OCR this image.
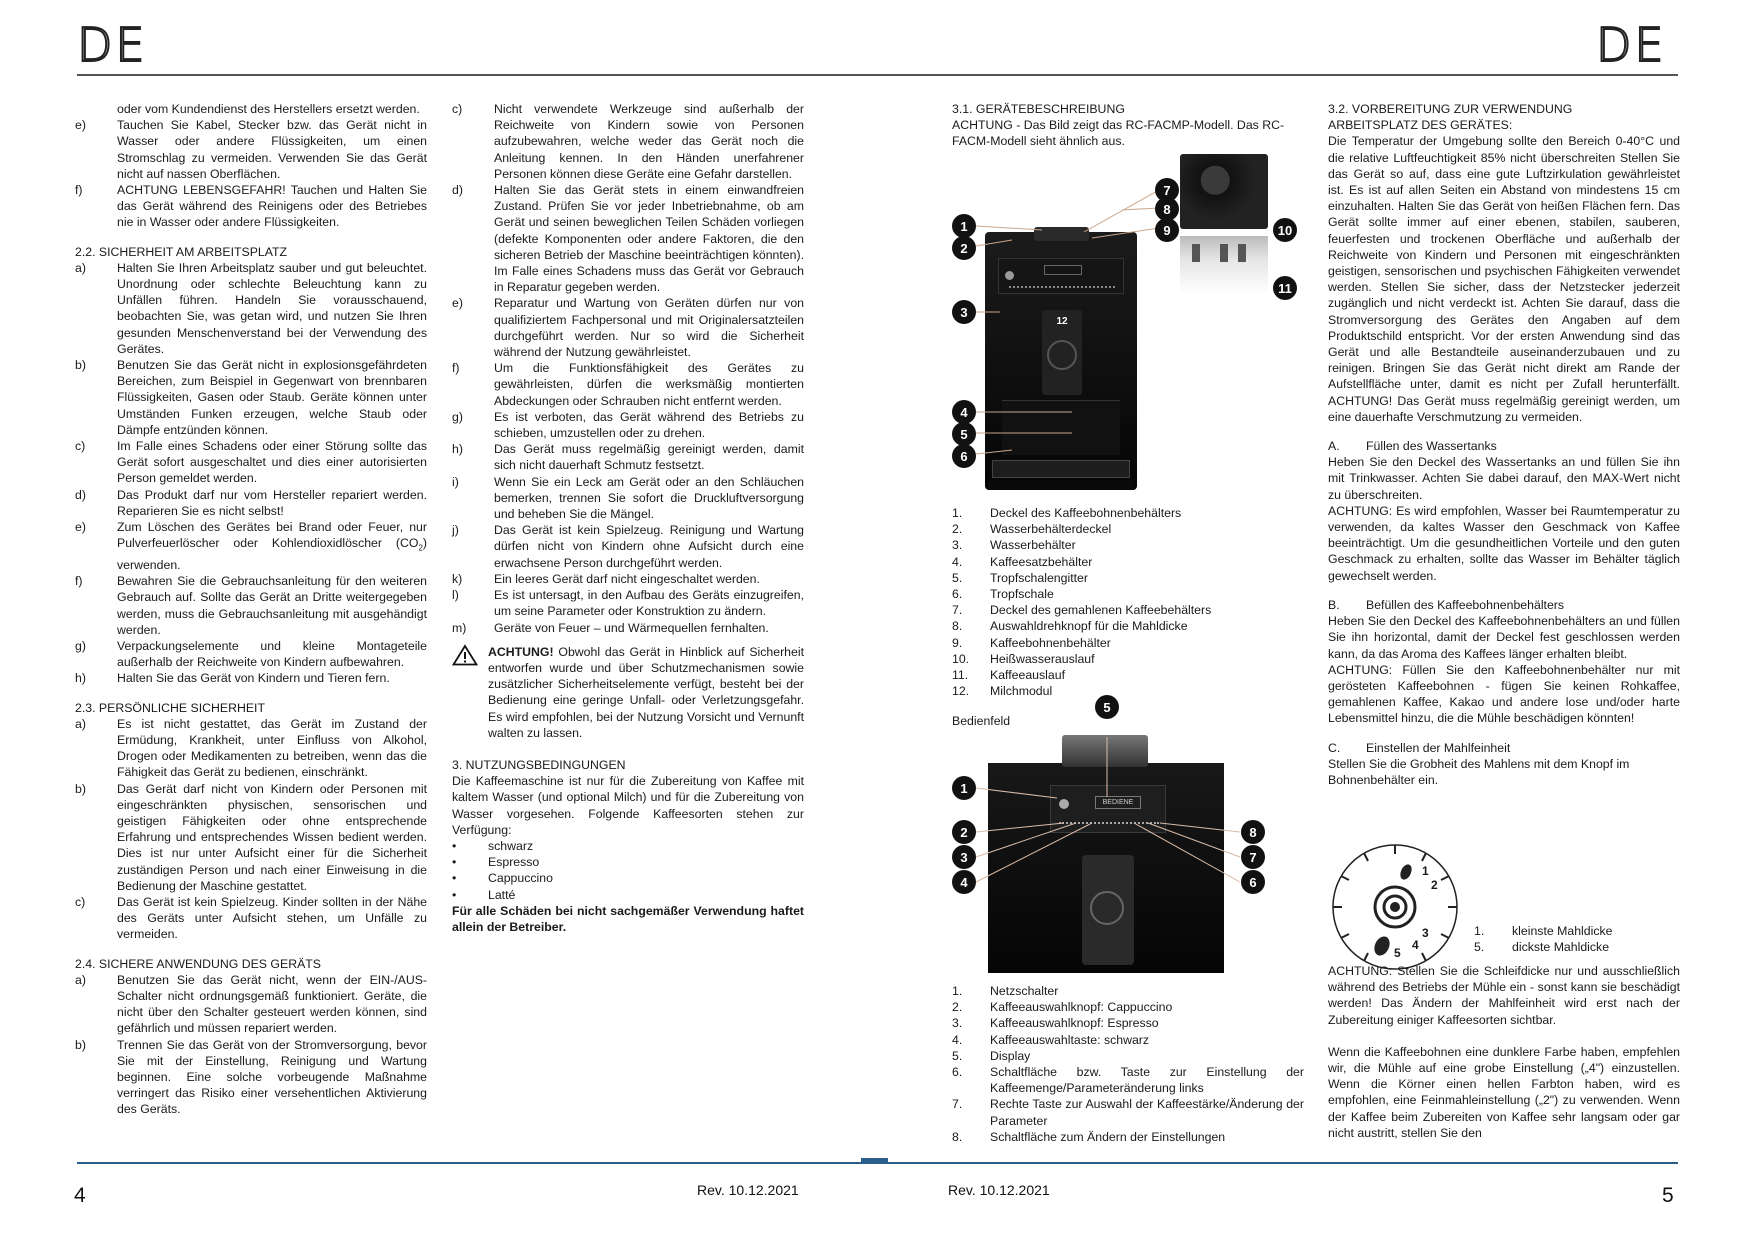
DE	DE
oder vom Kundendienst des Herstellers ersetzt werden.
e)	Tauchen Sie Kabel, Stecker bzw. das Gerät nicht in Wasser oder andere Flüssigkeiten, um einen Stromschlag zu vermeiden. Verwenden Sie das Gerät nicht auf nassen Oberflächen.
f)	ACHTUNG LEBENSGEFAHR! Tauchen und Halten Sie das Gerät während des Reinigens oder des Betriebes nie in Wasser oder andere Flüssigkeiten.
2.2. SICHERHEIT AM ARBEITSPLATZ
a)	Halten Sie Ihren Arbeitsplatz sauber und gut beleuchtet. Unordnung oder schlechte Beleuchtung kann zu Unfällen führen. Handeln Sie vorausschauend, beobachten Sie, was getan wird, und nutzen Sie Ihren gesunden Menschenverstand bei der Verwendung des Gerätes.
b)	Benutzen Sie das Gerät nicht in explosionsgefährdeten Bereichen, zum Beispiel in Gegenwart von brennbaren Flüssigkeiten, Gasen oder Staub. Geräte können unter Umständen Funken erzeugen, welche Staub oder Dämpfe entzünden können.
c)	Im Falle eines Schadens oder einer Störung sollte das Gerät sofort ausgeschaltet und dies einer autorisierten Person gemeldet werden.
d)	Das Produkt darf nur vom Hersteller repariert werden. Reparieren Sie es nicht selbst!
e)	Zum Löschen des Gerätes bei Brand oder Feuer, nur Pulverfeuerlöscher oder Kohlendioxidlöscher $(CO_2)$ verwenden.
f)	Bewahren Sie die Gebrauchsanleitung für den weiteren Gebrauch auf. Sollte das Gerät an Dritte weitergegeben werden, muss die Gebrauchsanleitung mit ausgehändigt werden.
g)	Verpackungselemente und kleine Montageteile außerhalb der Reichweite von Kindern aufbewahren.
h)	Halten Sie das Gerät von Kindern und Tieren fern.
2.3. PERSÖNLICHE SICHERHEIT
a)	Es ist nicht gestattet, das Gerät im Zustand der Ermüdung, Krankheit, unter Einfluss von Alkohol, Drogen oder Medikamenten zu betreiben, wenn das die Fähigkeit das Gerät zu bedienen, einschränkt.
b)	Das Gerät darf nicht von Kindern oder Personen mit eingeschränkten physischen, sensorischen und geistigen Fähigkeiten oder ohne entsprechende Erfahrung und entsprechendes Wissen bedient werden. Dies ist nur unter Aufsicht einer für die Sicherheit zuständigen Person und nach einer Einweisung in die Bedienung der Maschine gestattet.
c)	Das Gerät ist kein Spielzeug. Kinder sollten in der Nähe des Geräts unter Aufsicht stehen, um Unfälle zu vermeiden.
2.4. SICHERE ANWENDUNG DES GERÄTS
a)	Benutzen Sie das Gerät nicht, wenn der EIN-/AUS-Schalter nicht ordnungsgemäß funktioniert. Geräte, die nicht über den Schalter gesteuert werden können, sind gefährlich und müssen repariert werden.
b)	Trennen Sie das Gerät von der Stromversorgung, bevor Sie mit der Einstellung, Reinigung und Wartung beginnen. Eine solche vorbeugende Maßnahme verringert das Risiko einer versehentlichen Aktivierung des Geräts.
c)	Nicht verwendete Werkzeuge sind außerhalb der Reichweite von Kindern sowie von Personen aufzubewahren, welche weder das Gerät noch die Anleitung kennen. In den Händen unerfahrener Personen können diese Geräte eine Gefahr darstellen.
d)	Halten Sie das Gerät stets in einem einwandfreien Zustand. Prüfen Sie vor jeder Inbetriebnahme, ob am Gerät und seinen beweglichen Teilen Schäden vorliegen (defekte Komponenten oder andere Faktoren, die den sicheren Betrieb der Maschine beeinträchtigen könnten). Im Falle eines Schadens muss das Gerät vor Gebrauch in Reparatur gegeben werden.
e)	Reparatur und Wartung von Geräten dürfen nur von qualifiziertem Fachpersonal und mit Originalersatzteilen durchgeführt werden. Nur so wird die Sicherheit während der Nutzung gewährleistet.
f)	Um die Funktionsfähigkeit des Gerätes zu gewährleisten, dürfen die werksmäßig montierten Abdeckungen oder Schrauben nicht entfernt werden.
g)	Es ist verboten, das Gerät während des Betriebs zu schieben, umzustellen oder zu drehen.
h)	Das Gerät muss regelmäßig gereinigt werden, damit sich nicht dauerhaft Schmutz festsetzt.
i)	Wenn Sie ein Leck am Gerät oder an den Schläuchen bemerken, trennen Sie sofort die Druckluftversorgung und beheben Sie die Mängel.
j)	Das Gerät ist kein Spielzeug. Reinigung und Wartung dürfen nicht von Kindern ohne Aufsicht durch eine erwachsene Person durchgeführt werden.
k)	Ein leeres Gerät darf nicht eingeschaltet werden.
l)	Es ist untersagt, in den Aufbau des Geräts einzugreifen, um seine Parameter oder Konstruktion zu ändern.
m)	Geräte von Feuer – und Wärmequellen fernhalten.
ACHTUNG! Obwohl das Gerät in Hinblick auf Sicherheit entworfen wurde und über Schutzmechanismen sowie zusätzlicher Sicherheitselemente verfügt, besteht bei der Bedienung eine geringe Unfall- oder Verletzungsgefahr. Es wird empfohlen, bei der Nutzung Vorsicht und Vernunft walten zu lassen.
3. NUTZUNGSBEDINGUNGEN
Die Kaffeemaschine ist nur für die Zubereitung von Kaffee mit kaltem Wasser (und optional Milch) und für die Zubereitung von Wasser vorgesehen. Folgende Kaffeesorten stehen zur Verfügung:
•	schwarz
•	Espresso
•	Cappuccino
•	Latté
Für alle Schäden bei nicht sachgemäßer Verwendung haftet allein der Betreiber.
3.1. GERÄTEBESCHREIBUNG
ACHTUNG - Das Bild zeigt das RC-FACMP-Modell. Das RC-FACM-Modell sieht ähnlich aus.
12
1
2
3
4
5
6
7
8
9	10
11
1.	Deckel des Kaffeebohnenbehälters
2.	Wasserbehälterdeckel
3.	Wasserbehälter
4.	Kaffeesatzbehälter
5.	Tropfschalengitter
6.	Tropfschale
7.	Deckel des gemahlenen Kaffeebehälters
8.	Auswahldrehknopf für die Mahldicke
9.	Kaffeebohnenbehälter
10.	Heißwasserauslauf
11.	Kaffeeauslauf
12.	Milchmodul
Bedienfeld
BEDIENE
5
1
2
3
4
8
7
6
1.	Netzschalter
2.	Kaffeeauswahlknopf: Cappuccino
3.	Kaffeeauswahlknopf: Espresso
4.	Kaffeeauswahltaste: schwarz
5.	Display
6.	Schaltfläche bzw. Taste zur Einstellung der Kaffeemenge/Parameteränderung links
7.	Rechte Taste zur Auswahl der Kaffeestärke/Änderung der Parameter
8.	Schaltfläche zum Ändern der Einstellungen
3.2. VORBEREITUNG ZUR VERWENDUNG
ARBEITSPLATZ DES GERÄTES:
Die Temperatur der Umgebung sollte den Bereich 0-40°C und die relative Luftfeuchtigkeit 85% nicht überschreiten Stellen Sie das Gerät so auf, dass eine gute Luftzirkulation gewährleistet ist. Es ist auf allen Seiten ein Abstand von mindestens 15 cm einzuhalten. Halten Sie das Gerät von heißen Flächen fern. Das Gerät sollte immer auf einer ebenen, stabilen, sauberen, feuerfesten und trockenen Oberfläche und außerhalb der Reichweite von Kindern und Personen mit eingeschränkten geistigen, sensorischen und psychischen Fähigkeiten verwendet werden. Stellen Sie sicher, dass der Netzstecker jederzeit zugänglich und nicht verdeckt ist. Achten Sie darauf, dass die Stromversorgung des Gerätes den Angaben auf dem Produktschild entspricht. Vor der ersten Anwendung sind das Gerät und alle Bestandteile auseinanderzubauen und zu reinigen. Bringen Sie das Gerät nicht direkt am Rande der Aufstellfläche unter, damit es nicht per Zufall herunterfällt. ACHTUNG! Das Gerät muss regelmäßig gereinigt werden, um eine dauerhafte Verschmutzung zu vermeiden.
A.	Füllen des Wassertanks
Heben Sie den Deckel des Wassertanks an und füllen Sie ihn mit Trinkwasser. Achten Sie dabei darauf, den MAX-Wert nicht zu überschreiten.
ACHTUNG: Es wird empfohlen, Wasser bei Raumtemperatur zu verwenden, da kaltes Wasser den Geschmack von Kaffee beeinträchtigt. Um die gesundheitlichen Vorteile und den guten Geschmack zu erhalten, sollte das Wasser im Behälter täglich gewechselt werden.
B.	Befüllen des Kaffeebohnenbehälters
Heben Sie den Deckel des Kaffeebohnenbehälters an und füllen Sie ihn horizontal, damit der Deckel fest geschlossen werden kann, da das Aroma des Kaffees länger erhalten bleibt.
ACHTUNG: Füllen Sie den Kaffeebohnenbehälter nur mit gerösteten Kaffeebohnen - fügen Sie keinen Rohkaffee, gemahlenen Kaffee, Kakao und andere lose und/oder harte Lebensmittel hinzu, die die Mühle beschädigen könnten!
C.	Einstellen der Mahlfeinheit
Stellen Sie die Grobheit des Mahlens mit dem Knopf im Bohnenbehälter ein.
1
2
3
4
5
1.	kleinste Mahldicke
5.	dickste Mahldicke
ACHTUNG: Stellen Sie die Schleifdicke nur und ausschließlich während des Betriebs der Mühle ein - sonst kann sie beschädigt werden! Das Ändern der Mahlfeinheit wird erst nach der Zubereitung einiger Kaffeesorten sichtbar.
Wenn die Kaffeebohnen eine dunklere Farbe haben, empfehlen wir, die Mühle auf eine grobe Einstellung („4") einzustellen. Wenn die Körner einen hellen Farbton haben, wird es empfohlen, eine Feinmahleinstellung („2") zu verwenden. Wenn der Kaffee beim Zubereiten von Kaffee sehr langsam oder gar nicht austritt, stellen Sie den
4	Rev. 10.12.2021	Rev. 10.12.2021	5
